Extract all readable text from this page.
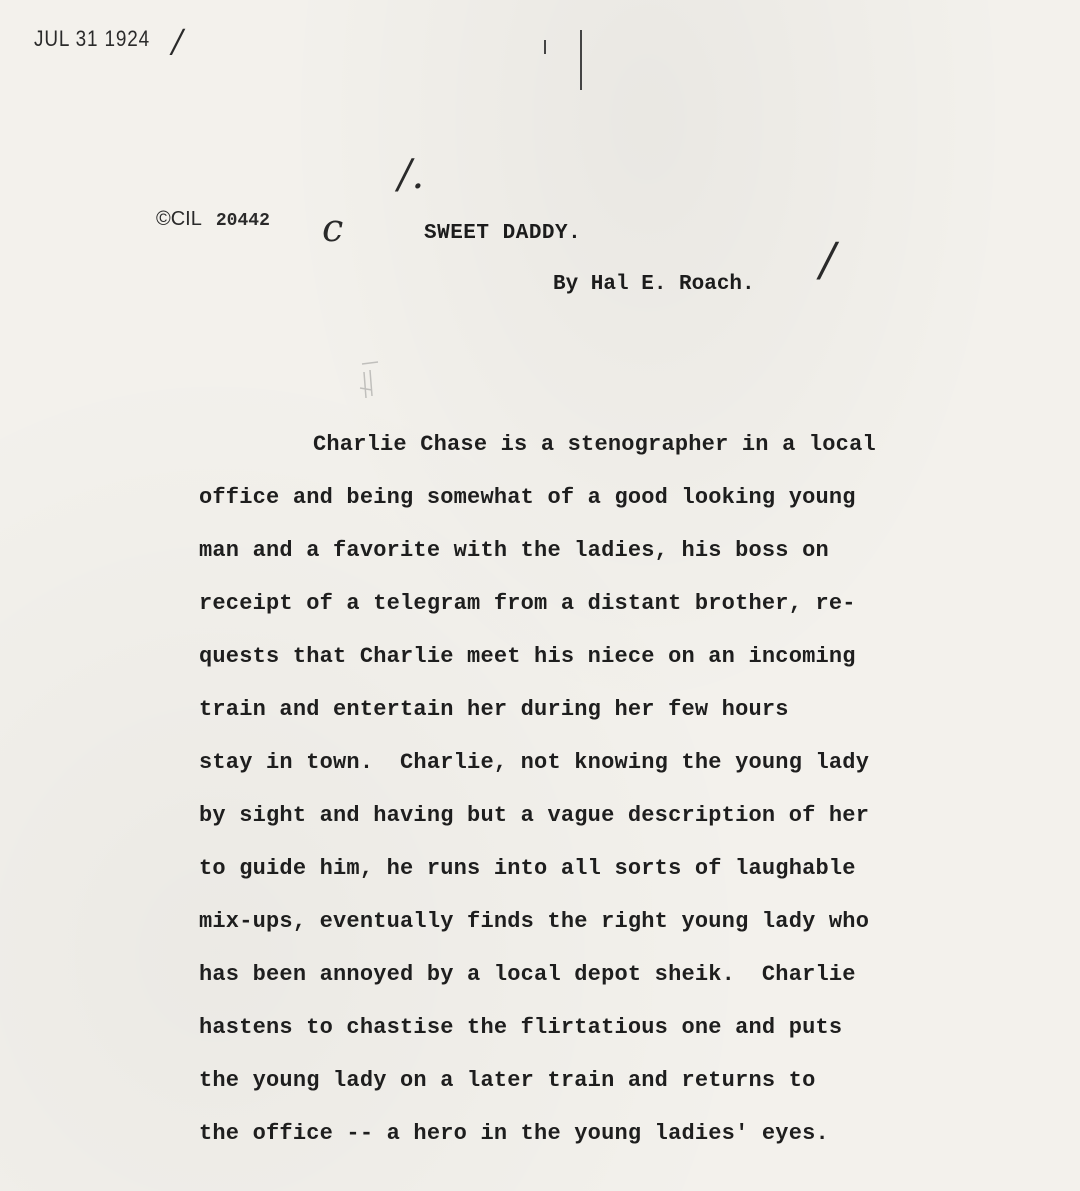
JUL 31 1924 /
/.
©CIL 20442 c	SWEET DADDY.	/
By Hal E. Roach.
Charlie Chase is a stenographer in a local
office and being somewhat of a good looking young
man and a favorite with the ladies, his boss on
receipt of a telegram from a distant brother, re-
quests that Charlie meet his niece on an incoming
train and entertain her during her few hours
stay in town.  Charlie, not knowing the young lady
by sight and having but a vague description of her
to guide him, he runs into all sorts of laughable
mix-ups, eventually finds the right young lady who
has been annoyed by a local depot sheik.  Charlie
hastens to chastise the flirtatious one and puts
the young lady on a later train and returns to
the office -- a hero in the young ladies' eyes.
